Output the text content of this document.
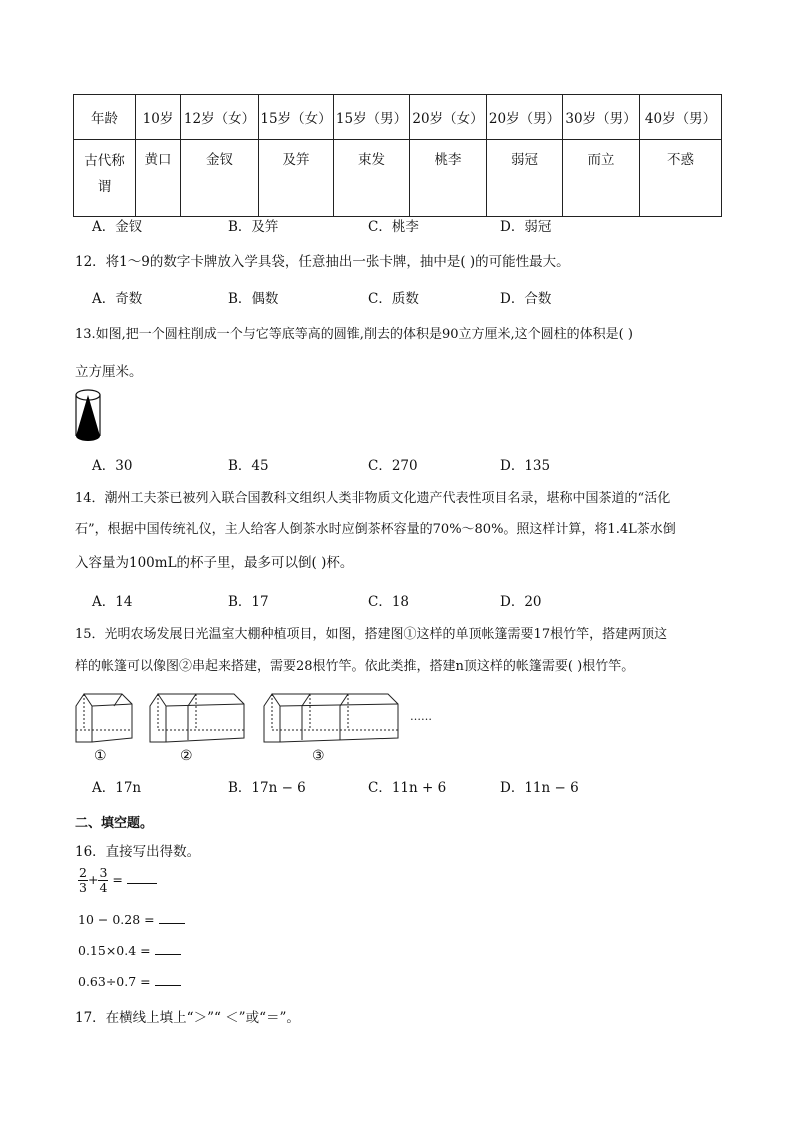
年龄	10岁	12岁（女）	15岁（女）	15岁（男）	20岁（女）	20岁（男）	30岁（男）	40岁（男）

古代称
谓	黄口	金钗	及笄	束发	桃李	弱冠	而立	不惑
A．金钗	B．及笄	C．桃李	D．弱冠
12．将1～9的数字卡牌放入学具袋，任意抽出一张卡牌，抽中是( )的可能性最大。
A．奇数	B．偶数	C．质数	D．合数
13.如图,把一个圆柱削成一个与它等底等高的圆锥,削去的体积是90立方厘米,这个圆柱的体积是( )
立方厘米。
A．30	B．45	C．270	D．135
14．潮州工夫茶已被列入联合国教科文组织人类非物质文化遗产代表性项目名录，堪称中国茶道的“活化
石”，根据中国传统礼仪，主人给客人倒茶水时应倒茶杯容量的70%～80%。照这样计算，将1.4L茶水倒
入容量为100mL的杯子里，最多可以倒( )杯。
A．14	B．17	C．18	D．20
15．光明农场发展日光温室大棚种植项目，如图，搭建图①这样的单顶帐篷需要17根竹竿，搭建两顶这
样的帐篷可以像图②串起来搭建，需要28根竹竿。依此类推，搭建n顶这样的帐篷需要( )根竹竿。
……
①	②	③
A．17n	B．17n − 6	C．11n + 6	D．11n − 6
二、填空题。
16．直接写出得数。
$\frac{2}{3} + \frac{3}{4}$ =
10 − 0.28 =
0.15×0.4 =
0.63÷0.7 =
17．在横线上填上“＞”“ ＜”或“＝”。
